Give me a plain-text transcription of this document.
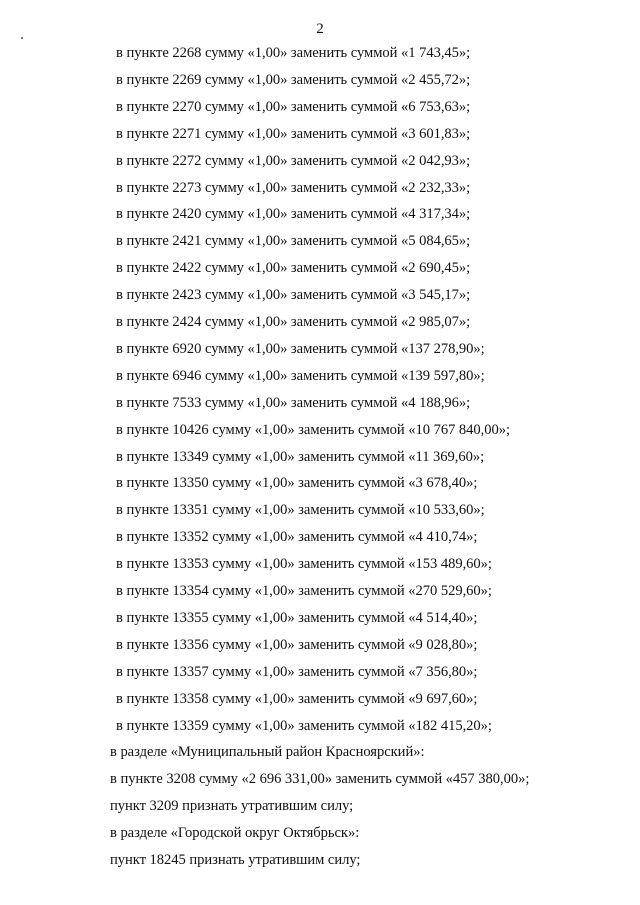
2
в пункте 2268 сумму «1,00» заменить суммой «1 743,45»;
в пункте 2269 сумму «1,00» заменить суммой «2 455,72»;
в пункте 2270 сумму «1,00» заменить суммой «6 753,63»;
в пункте 2271 сумму «1,00» заменить суммой «3 601,83»;
в пункте 2272 сумму «1,00» заменить суммой «2 042,93»;
в пункте 2273 сумму «1,00» заменить суммой «2 232,33»;
в пункте 2420 сумму «1,00» заменить суммой «4 317,34»;
в пункте 2421 сумму «1,00» заменить суммой «5 084,65»;
в пункте 2422 сумму «1,00» заменить суммой «2 690,45»;
в пункте 2423 сумму «1,00» заменить суммой «3 545,17»;
в пункте 2424 сумму «1,00» заменить суммой «2 985,07»;
в пункте 6920 сумму «1,00» заменить суммой «137 278,90»;
в пункте 6946 сумму «1,00» заменить суммой «139 597,80»;
в пункте 7533 сумму «1,00» заменить суммой «4 188,96»;
в пункте 10426 сумму «1,00» заменить суммой «10 767 840,00»;
в пункте 13349 сумму «1,00» заменить суммой «11 369,60»;
в пункте 13350 сумму «1,00» заменить суммой «3 678,40»;
в пункте 13351 сумму «1,00» заменить суммой «10 533,60»;
в пункте 13352 сумму «1,00» заменить суммой «4 410,74»;
в пункте 13353 сумму «1,00» заменить суммой «153 489,60»;
в пункте 13354 сумму «1,00» заменить суммой «270 529,60»;
в пункте 13355 сумму «1,00» заменить суммой «4 514,40»;
в пункте 13356 сумму «1,00» заменить суммой «9 028,80»;
в пункте 13357 сумму «1,00» заменить суммой «7 356,80»;
в пункте 13358 сумму «1,00» заменить суммой «9 697,60»;
в пункте 13359 сумму «1,00» заменить суммой «182 415,20»;
в разделе «Муниципальный район Красноярский»:
в пункте 3208 сумму «2 696 331,00» заменить суммой «457 380,00»;
пункт 3209 признать утратившим силу;
в разделе «Городской округ Октябрьск»:
пункт 18245 признать утратившим силу;
